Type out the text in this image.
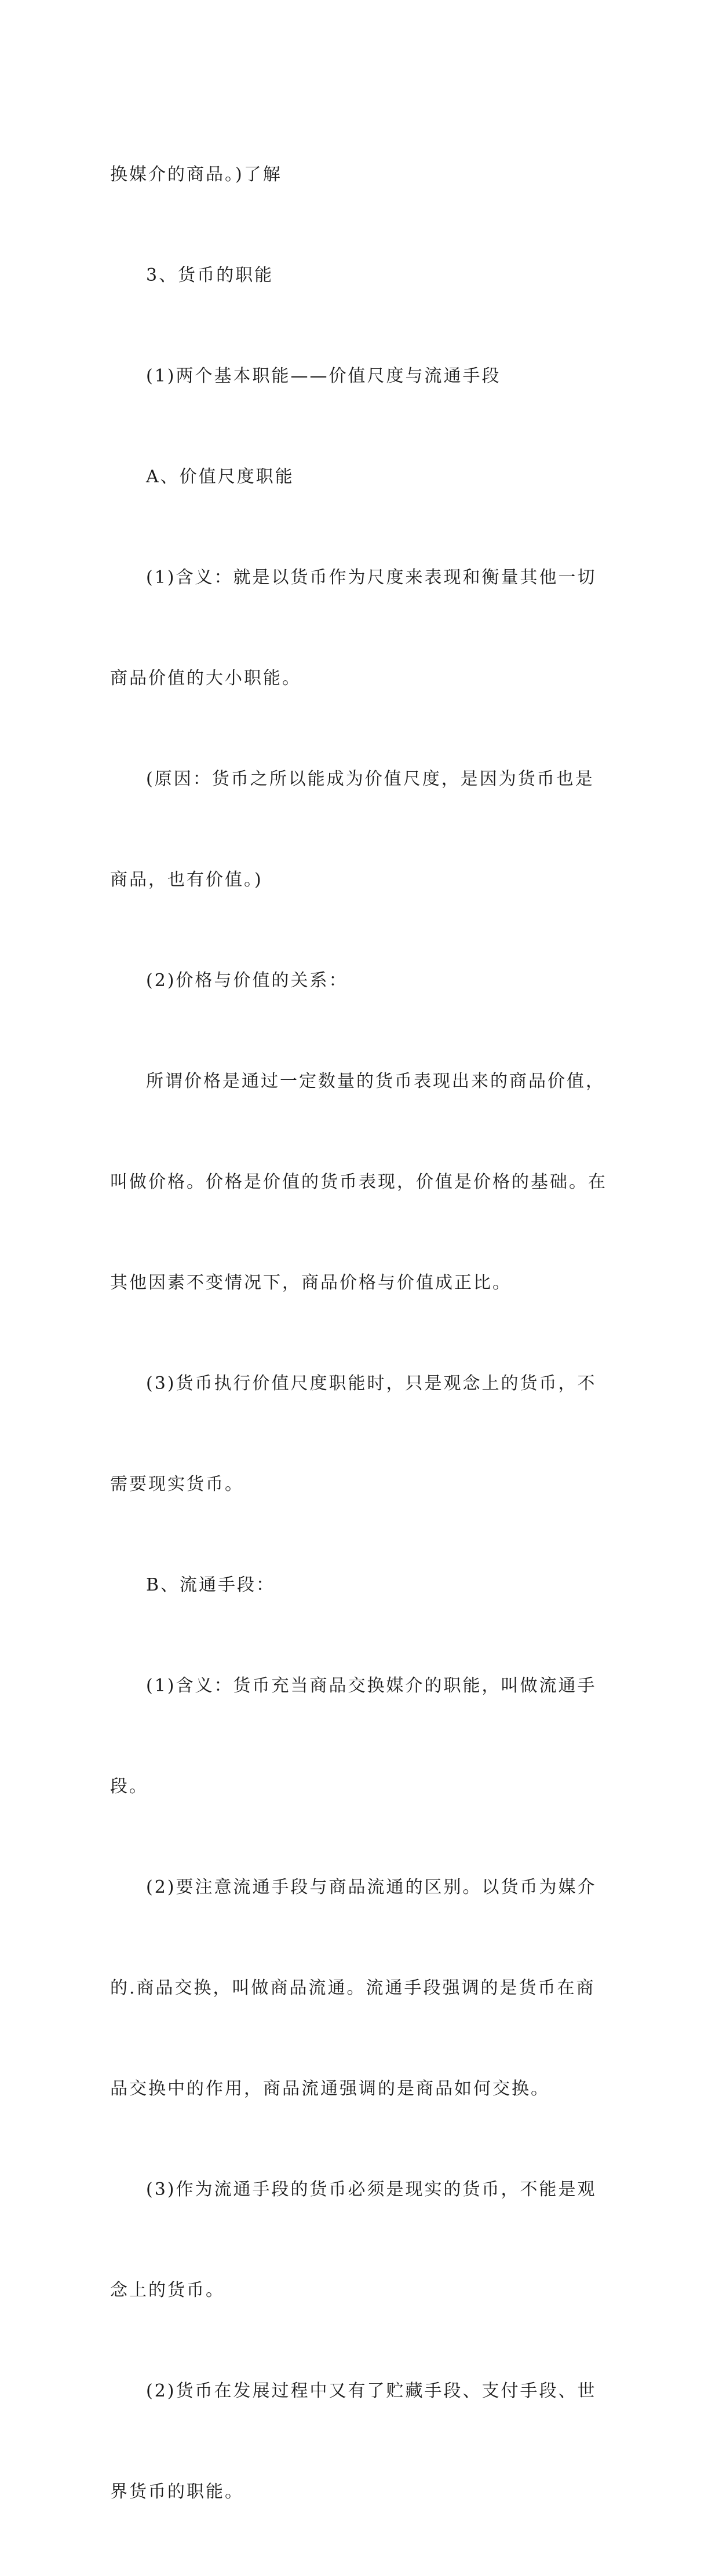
换媒介的商品。)了解

3、货币的职能

(1)两个基本职能——价值尺度与流通手段

A、价值尺度职能

(1)含义：就是以货币作为尺度来表现和衡量其他一切

商品价值的大小职能。

(原因：货币之所以能成为价值尺度，是因为货币也是

商品，也有价值。)

(2)价格与价值的关系：

所谓价格是通过一定数量的货币表现出来的商品价值，

叫做价格。价格是价值的货币表现，价值是价格的基础。在

其他因素不变情况下，商品价格与价值成正比。

(3)货币执行价值尺度职能时，只是观念上的货币，不

需要现实货币。

B、流通手段：

(1)含义：货币充当商品交换媒介的职能，叫做流通手

段。

(2)要注意流通手段与商品流通的区别。以货币为媒介

的.商品交换，叫做商品流通。流通手段强调的是货币在商

品交换中的作用，商品流通强调的是商品如何交换。

(3)作为流通手段的货币必须是现实的货币，不能是观

念上的货币。

(2)货币在发展过程中又有了贮藏手段、支付手段、世

界货币的职能。
